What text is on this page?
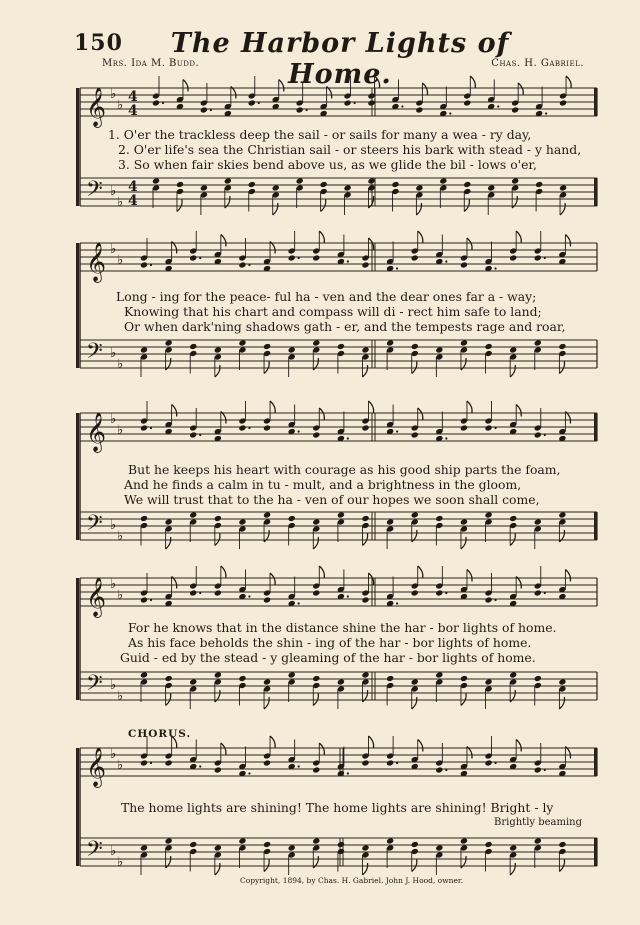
150	The Harbor Lights of Home.
Mrs. Ida M. Budd.	Chas. H. Gabriel.
𝄞
𝄢
♭
♭
♭
♭
4
4
4
4
𝄞
𝄢
♭
♭
♭
♭
𝄞
𝄢
♭
♭
♭
♭
𝄞
𝄢
♭
♭
♭
♭
𝄞
𝄢
♭
♭
♭
♭
1. O'er the trackless deep the sail - or sails for many a wea - ry day,
2. O'er life's sea the Christian sail - or steers his bark with stead - y hand,
3. So when fair skies bend above us, as we glide the bil - lows o'er,
Long - ing for the peace- ful ha - ven and the dear ones far a - way;
Knowing that his chart and compass will di - rect him safe to land;
Or when dark'ning shadows gath - er, and the tempests rage and roar,
But he keeps his heart with courage as his good ship parts the foam,
And he finds a calm in tu - mult, and a brightness in the gloom,
We will trust that to the ha - ven of our hopes we soon shall come,
For he knows that in the distance shine the har - bor lights of home.
As his face beholds the shin - ing of the har - bor lights of home.
Guid - ed by the stead - y gleaming of the har - bor lights of home.
CHORUS.
The home lights are shining! The home lights are shining! Bright - ly
Brightly beaming
Copyright, 1894, by Chas. H. Gabriel. John J. Hood, owner.
